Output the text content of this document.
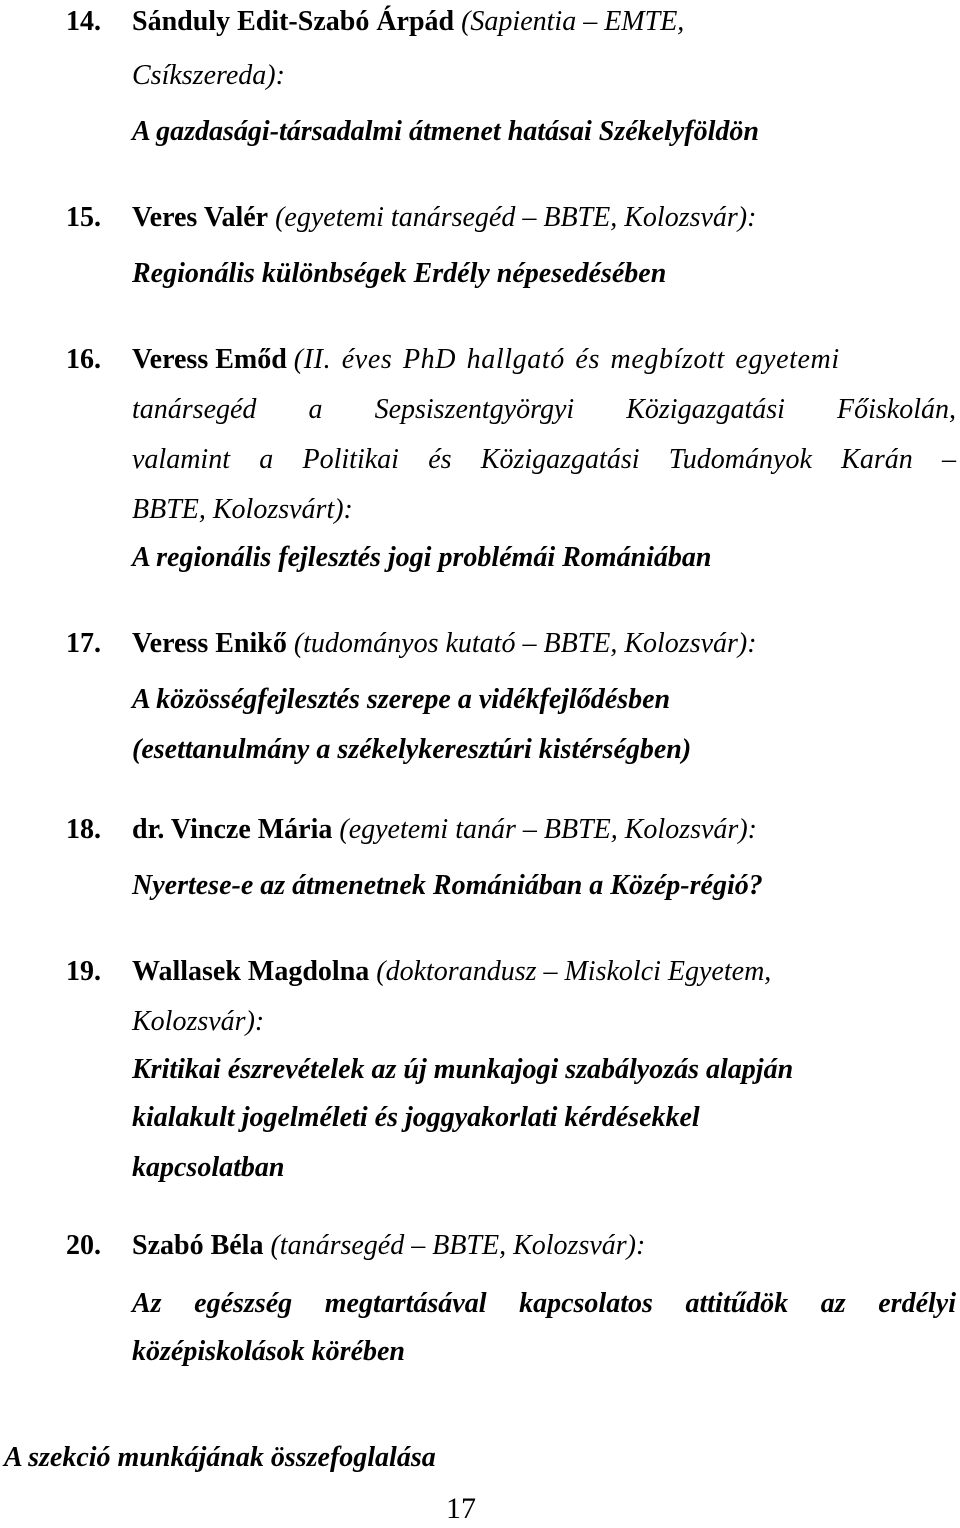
14. Sánduly Edit-Szabó Árpád (Sapientia – EMTE,
Csíkszereda):
A gazdasági-társadalmi átmenet hatásai Székelyföldön
15. Veres Valér (egyetemi tanársegéd – BBTE, Kolozsvár):
Regionális különbségek Erdély népesedésében
16. Veress Emőd (II. éves PhD hallgató és megbízott egyetemi
tanársegéd a Sepsiszentgyörgyi Közigazgatási Főiskolán,
valamint a Politikai és Közigazgatási Tudományok Karán –
BBTE, Kolozsvárt):
A regionális fejlesztés jogi problémái Romániában
17. Veress Enikő (tudományos kutató – BBTE, Kolozsvár):
A közösségfejlesztés szerepe a vidékfejlődésben
(esettanulmány a székelykeresztúri kistérségben)
18. dr. Vincze Mária (egyetemi tanár – BBTE, Kolozsvár):
Nyertese-e az átmenetnek Romániában a Közép-régió?
19. Wallasek Magdolna (doktorandusz – Miskolci Egyetem,
Kolozsvár):
Kritikai észrevételek az új munkajogi szabályozás alapján
kialakult jogelméleti és joggyakorlati kérdésekkel
kapcsolatban
20. Szabó Béla (tanársegéd – BBTE, Kolozsvár):
Az egészség megtartásával kapcsolatos attitűdök az erdélyi
középiskolások körében
A szekció munkájának összefoglalása
17
